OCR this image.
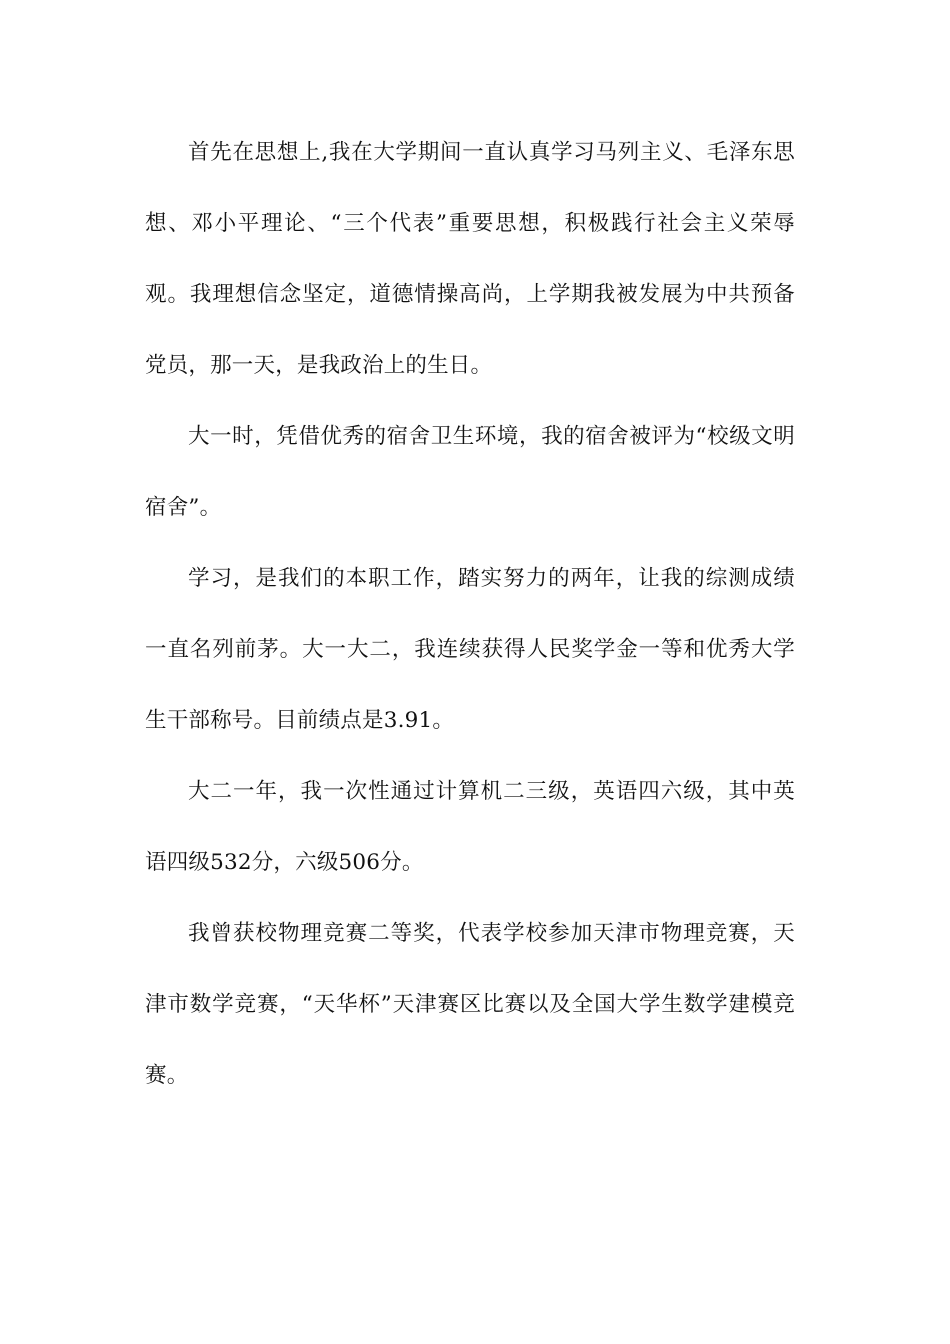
首先在思想上,我在大学期间一直认真学习马列主义、毛泽东思想、邓小平理论、“三个代表”重要思想，积极践行社会主义荣辱观。我理想信念坚定，道德情操高尚，上学期我被发展为中共预备党员，那一天，是我政治上的生日。

大一时，凭借优秀的宿舍卫生环境，我的宿舍被评为“校级文明宿舍”。

学习，是我们的本职工作，踏实努力的两年，让我的综测成绩一直名列前茅。大一大二，我连续获得人民奖学金一等和优秀大学生干部称号。目前绩点是3.91。

大二一年，我一次性通过计算机二三级，英语四六级，其中英语四级532分，六级506分。

我曾获校物理竞赛二等奖，代表学校参加天津市物理竞赛，天津市数学竞赛，“天华杯”天津赛区比赛以及全国大学生数学建模竞赛。
